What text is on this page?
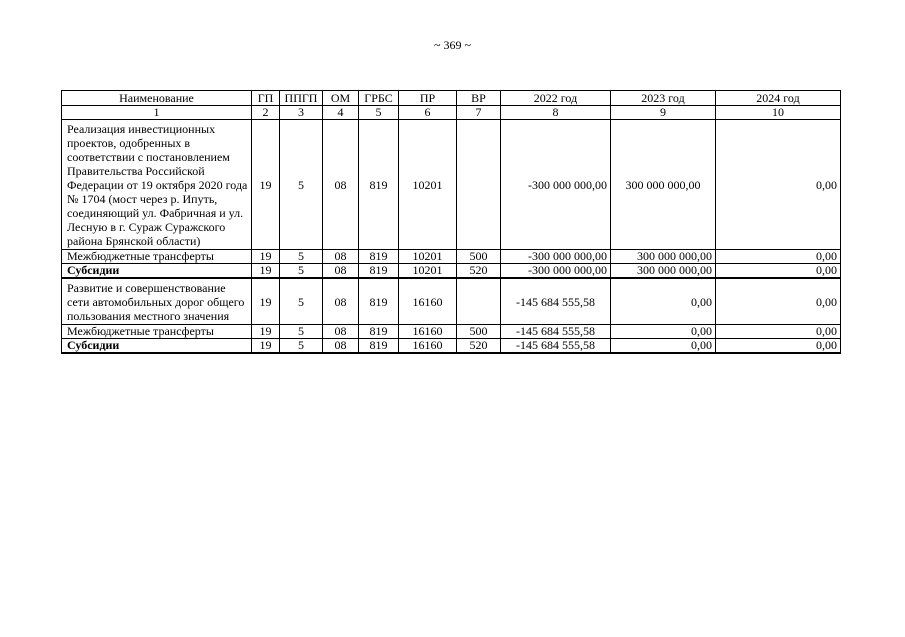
~ 369 ~
Наименование	ГП	ППГП	ОМ	ГРБС	ПР	ВР	2022 год	2023 год	2024 год
1	2	3	4	5	6	7	8	9	10
Реализация инвестиционных проектов, одобренных в соответствии с постановлением Правительства Российской Федерации от 19 октября 2020 года № 1704 (мост через р. Ипуть, соединяющий ул. Фабричная и ул. Лесную в г. Сураж Суражского района Брянской области)	19	5	08	819	10201		-300 000 000,00	300 000 000,00	0,00
Межбюджетные трансферты	19	5	08	819	10201	500	-300 000 000,00	300 000 000,00	0,00
Субсидии	19	5	08	819	10201	520	-300 000 000,00	300 000 000,00	0,00
Развитие и совершенствование сети автомобильных дорог общего пользования местного значения	19	5	08	819	16160		-145 684 555,58	0,00	0,00
Межбюджетные трансферты	19	5	08	819	16160	500	-145 684 555,58	0,00	0,00
Субсидии	19	5	08	819	16160	520	-145 684 555,58	0,00	0,00
